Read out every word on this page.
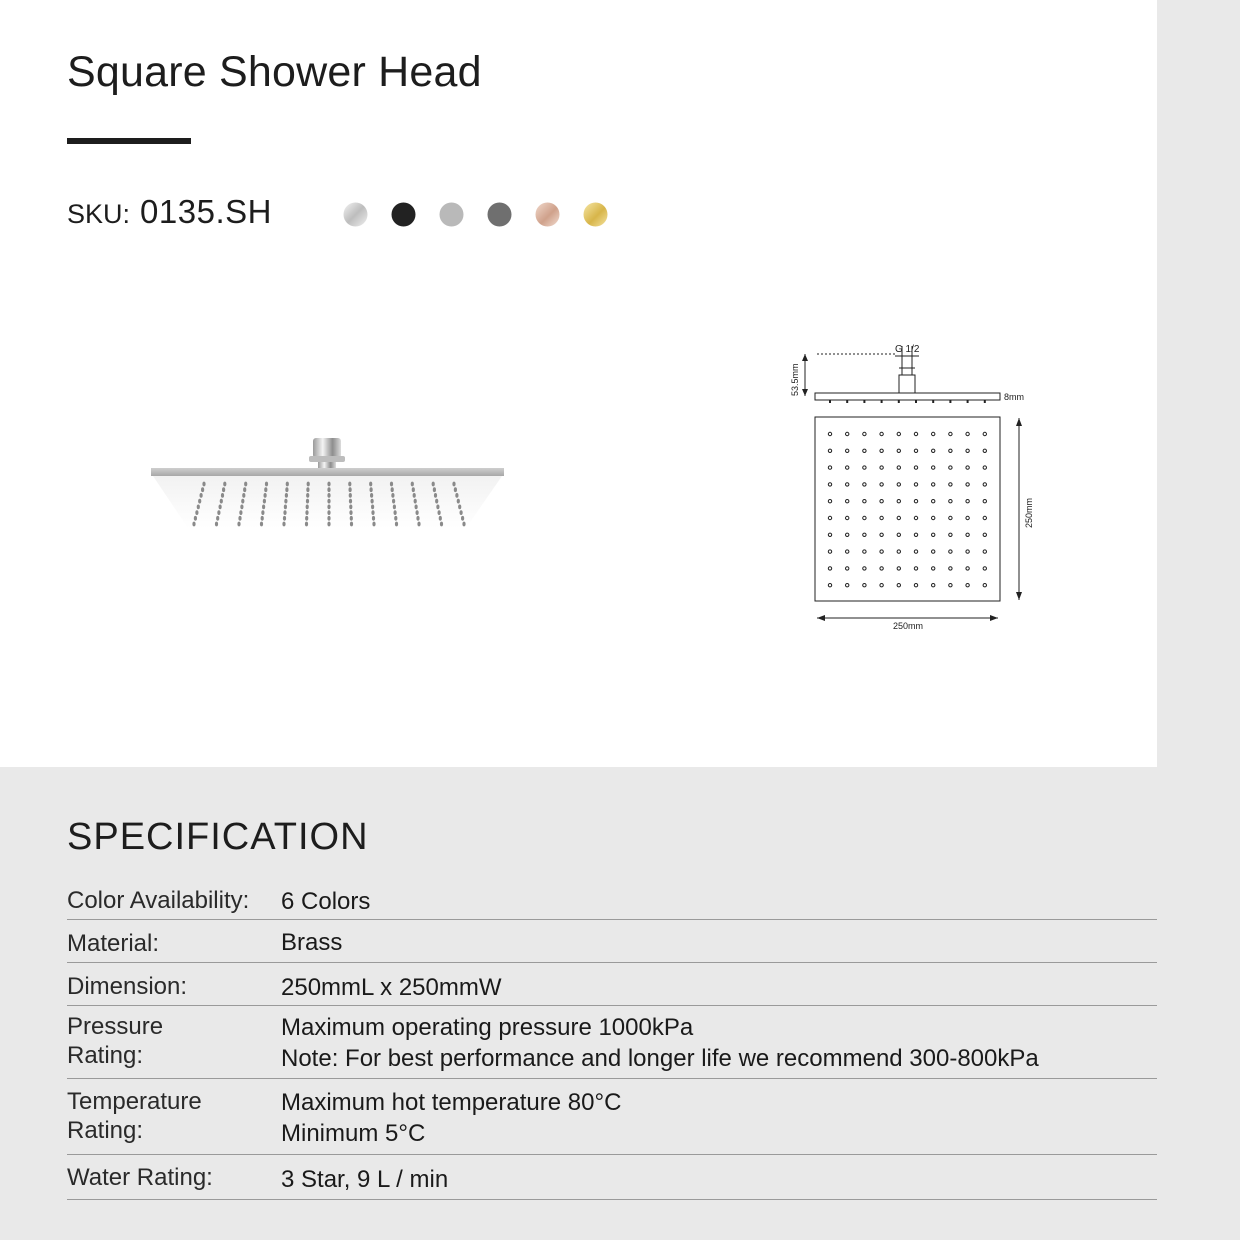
Square Shower Head
SKU: 0135.SH
G 1/2
8mm
53.5mm
250mm
250mm
SPECIFICATION
Color Availability:	6 Colors
Material:	Brass
Dimension:	250mmL x 250mmW
Pressure Rating:
Maximum operating pressure 1000kPa
Note: For best performance and longer life we recommend 300-800kPa
Temperature Rating:
Maximum hot temperature 80°C
Minimum 5°C
Water Rating:	3 Star, 9 L / min
